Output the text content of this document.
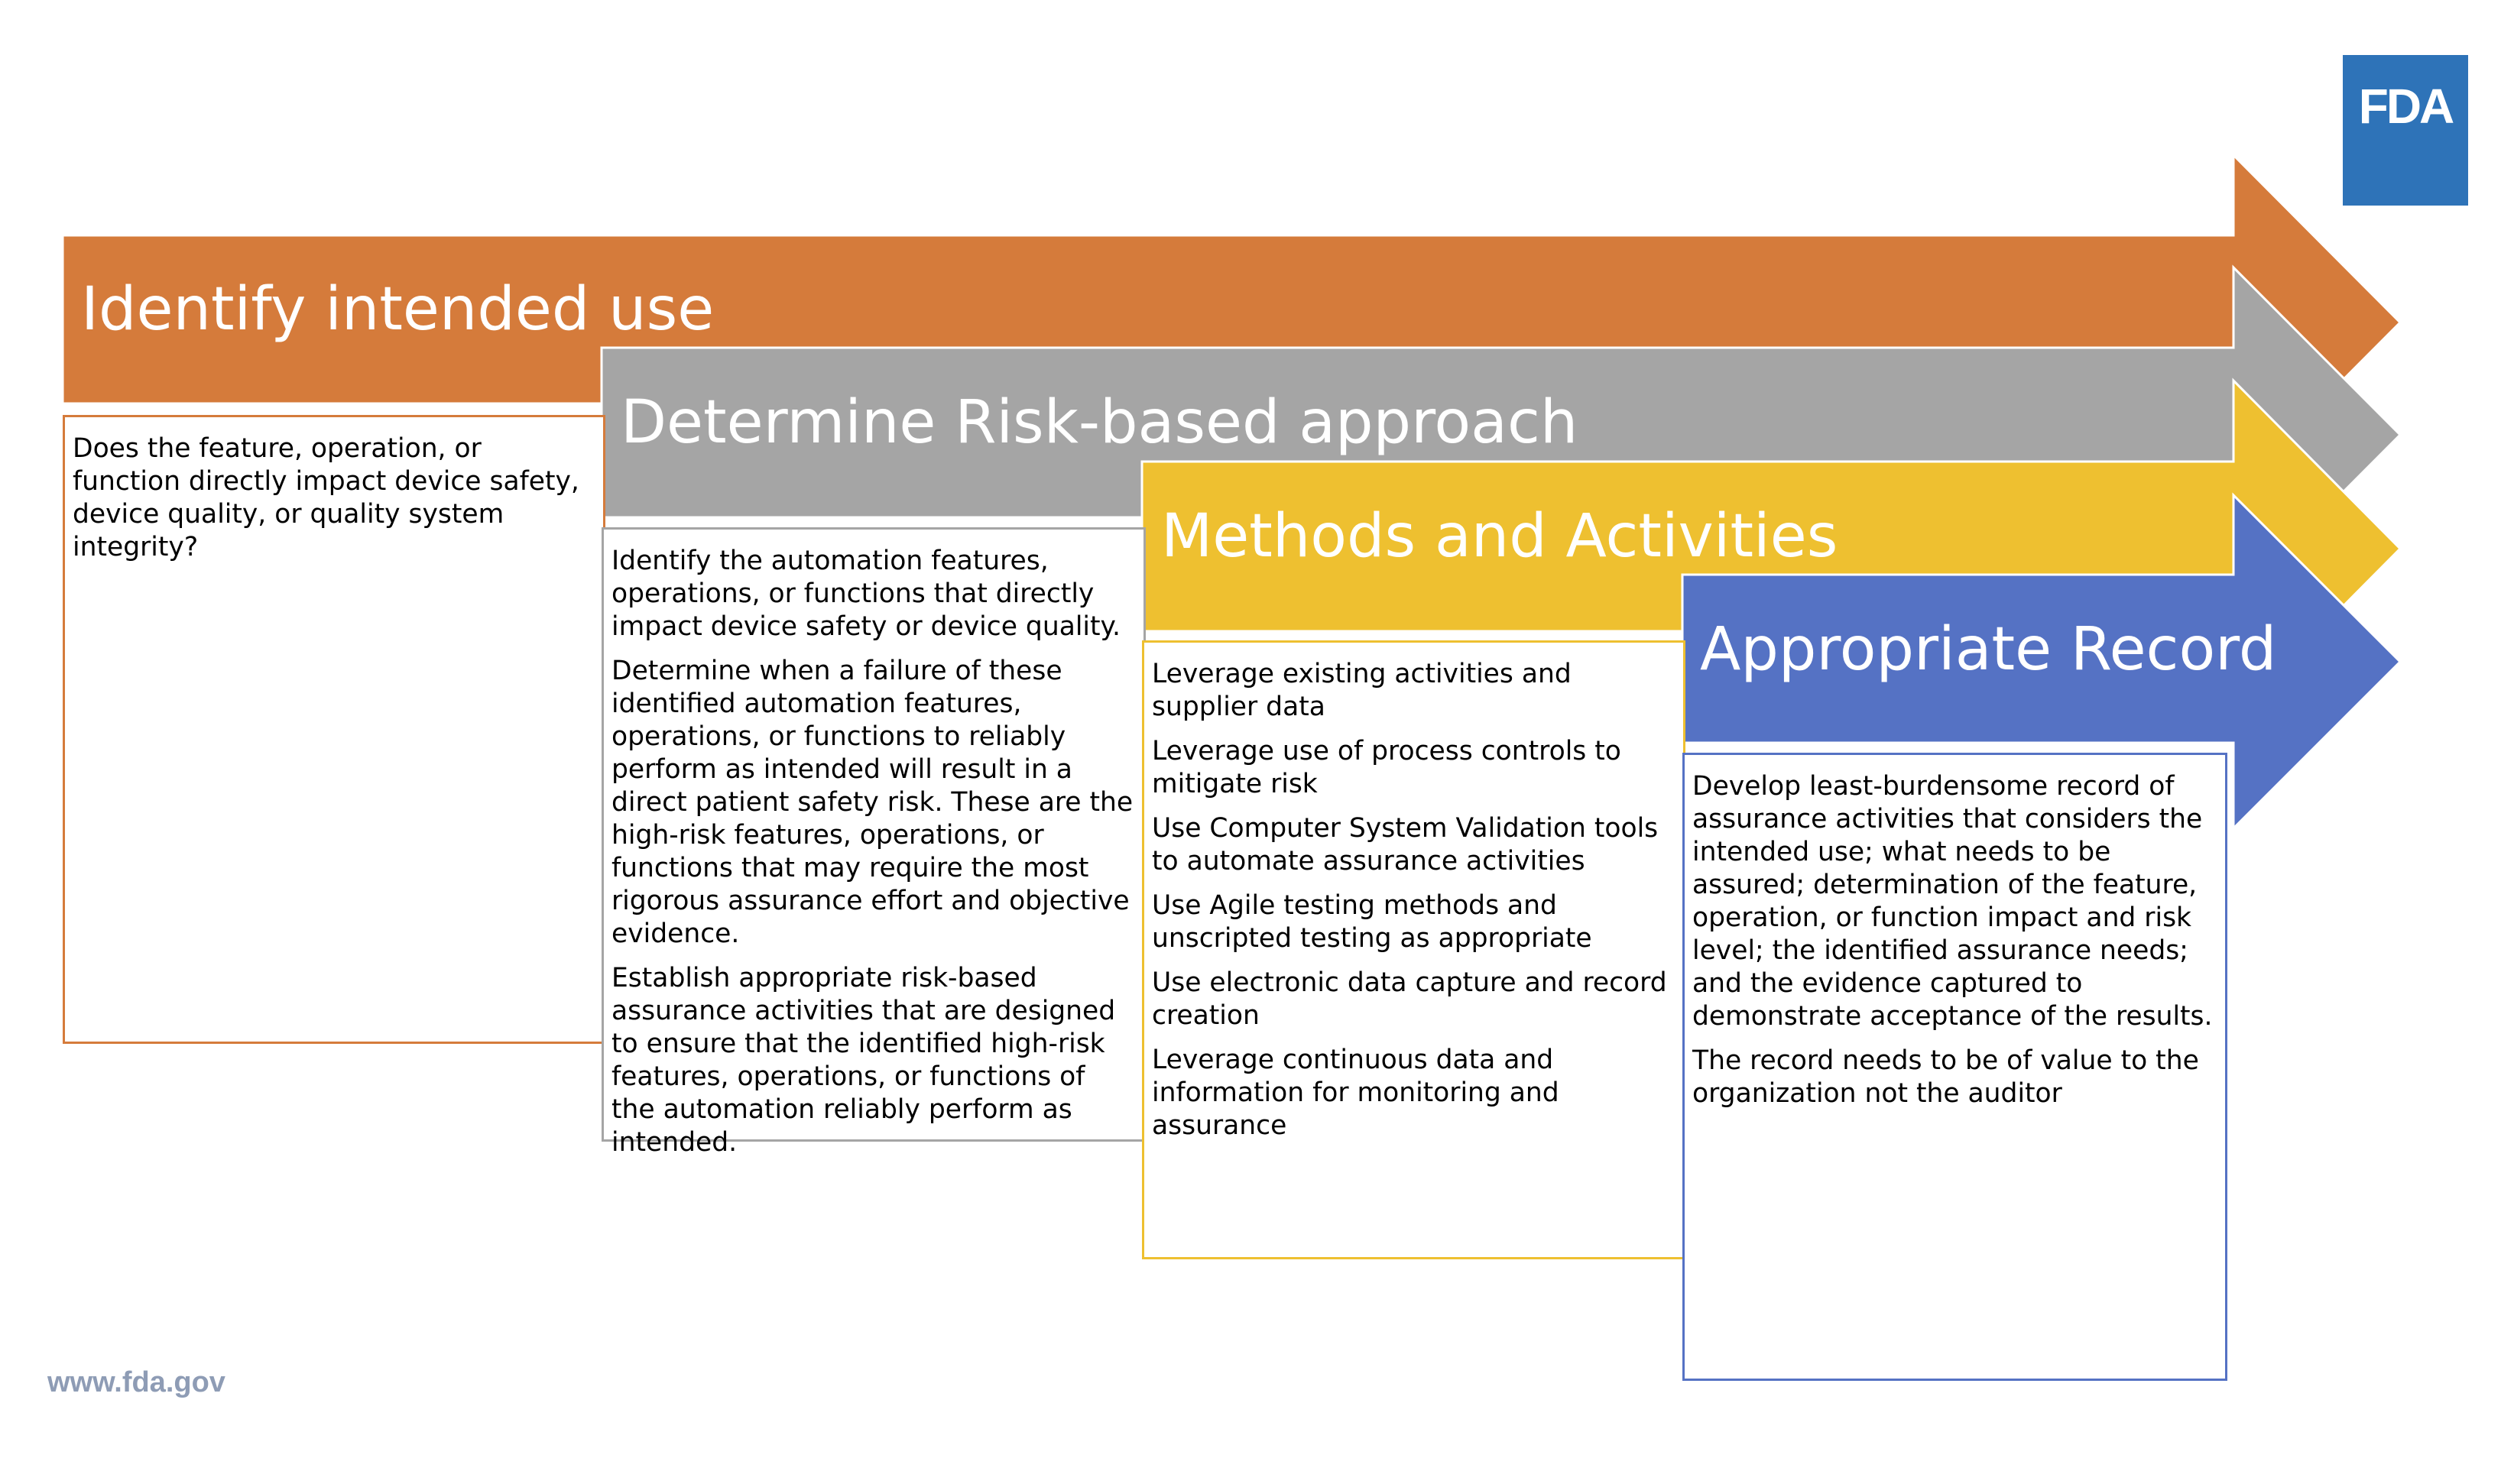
FDA

Does the feature, operation, or function directly impact device safety, device quality, or quality system integrity?	Identify the automation features, operations, or functions that directly impact device safety or device quality.

Determine when a failure of these identified automation features, operations, or functions to reliably perform as intended will result in a direct patient safety risk. These are the high-risk features, operations, or functions that may require the most rigorous assurance effort and objective evidence.

Establish appropriate risk-based assurance activities that are designed to ensure that the identified high-risk features, operations, or functions of the automation reliably perform as intended.

Leverage existing activities and supplier data

Leverage use of process controls to mitigate risk

Use Computer System Validation tools to automate assurance activities

Use Agile testing methods and unscripted testing as appropriate

Use electronic data capture and record creation

Leverage continuous data and information for monitoring and assurance

Develop least-burdensome record of assurance activities that considers the intended use; what needs to be assured; determination of the feature, operation, or function impact and risk level; the identified assurance needs; and the evidence captured to demonstrate acceptance of the results.

The record needs to be of value to the organization not the auditor

Identify intended use
Determine Risk-based approach
Methods and Activities
Appropriate Record
www.fda.gov
